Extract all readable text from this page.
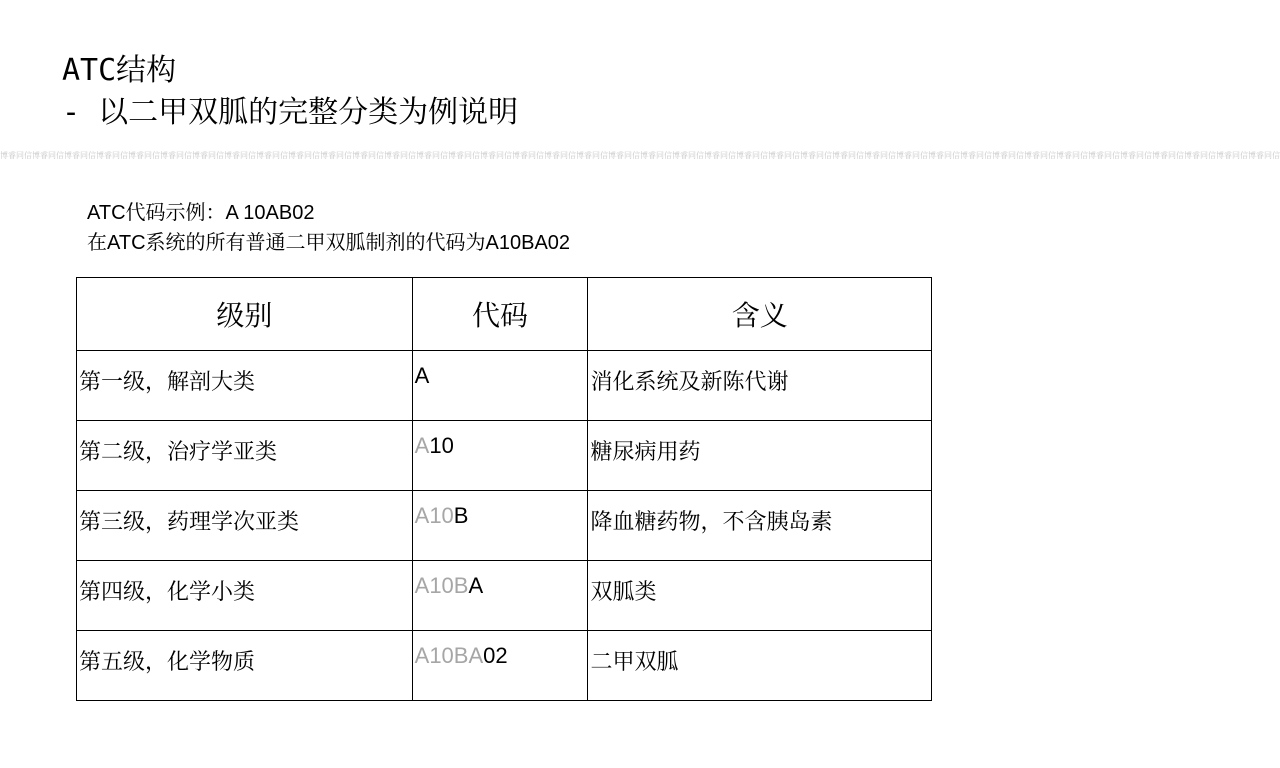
ATC结构
- 以二甲双胍的完整分类为例说明
博睿同信博睿同信博睿同信博睿同信博睿同信博睿同信博睿同信博睿同信博睿同信博睿同信博睿同信博睿同信博睿同信博睿同信博睿同信博睿同信博睿同信博睿同信博睿同信博睿同信博睿同信博睿同信博睿同信博睿同信博睿同信博睿同信博睿同信博睿同信博睿同信博睿同信博睿同信博睿同信博睿同信博睿同信博睿同信博睿同信博睿同信博睿同信博睿同信博睿同信
ATC代码示例：A 10AB02
在ATC系统的所有普通二甲双胍制剂的代码为A10BA02
级别	代码	含义
第一级，解剖大类	A	消化系统及新陈代谢
第二级，治疗学亚类	A10	糖尿病用药
第三级，药理学次亚类	A10B	降血糖药物，不含胰岛素
第四级，化学小类	A10BA	双胍类
第五级，化学物质	A10BA02	二甲双胍
